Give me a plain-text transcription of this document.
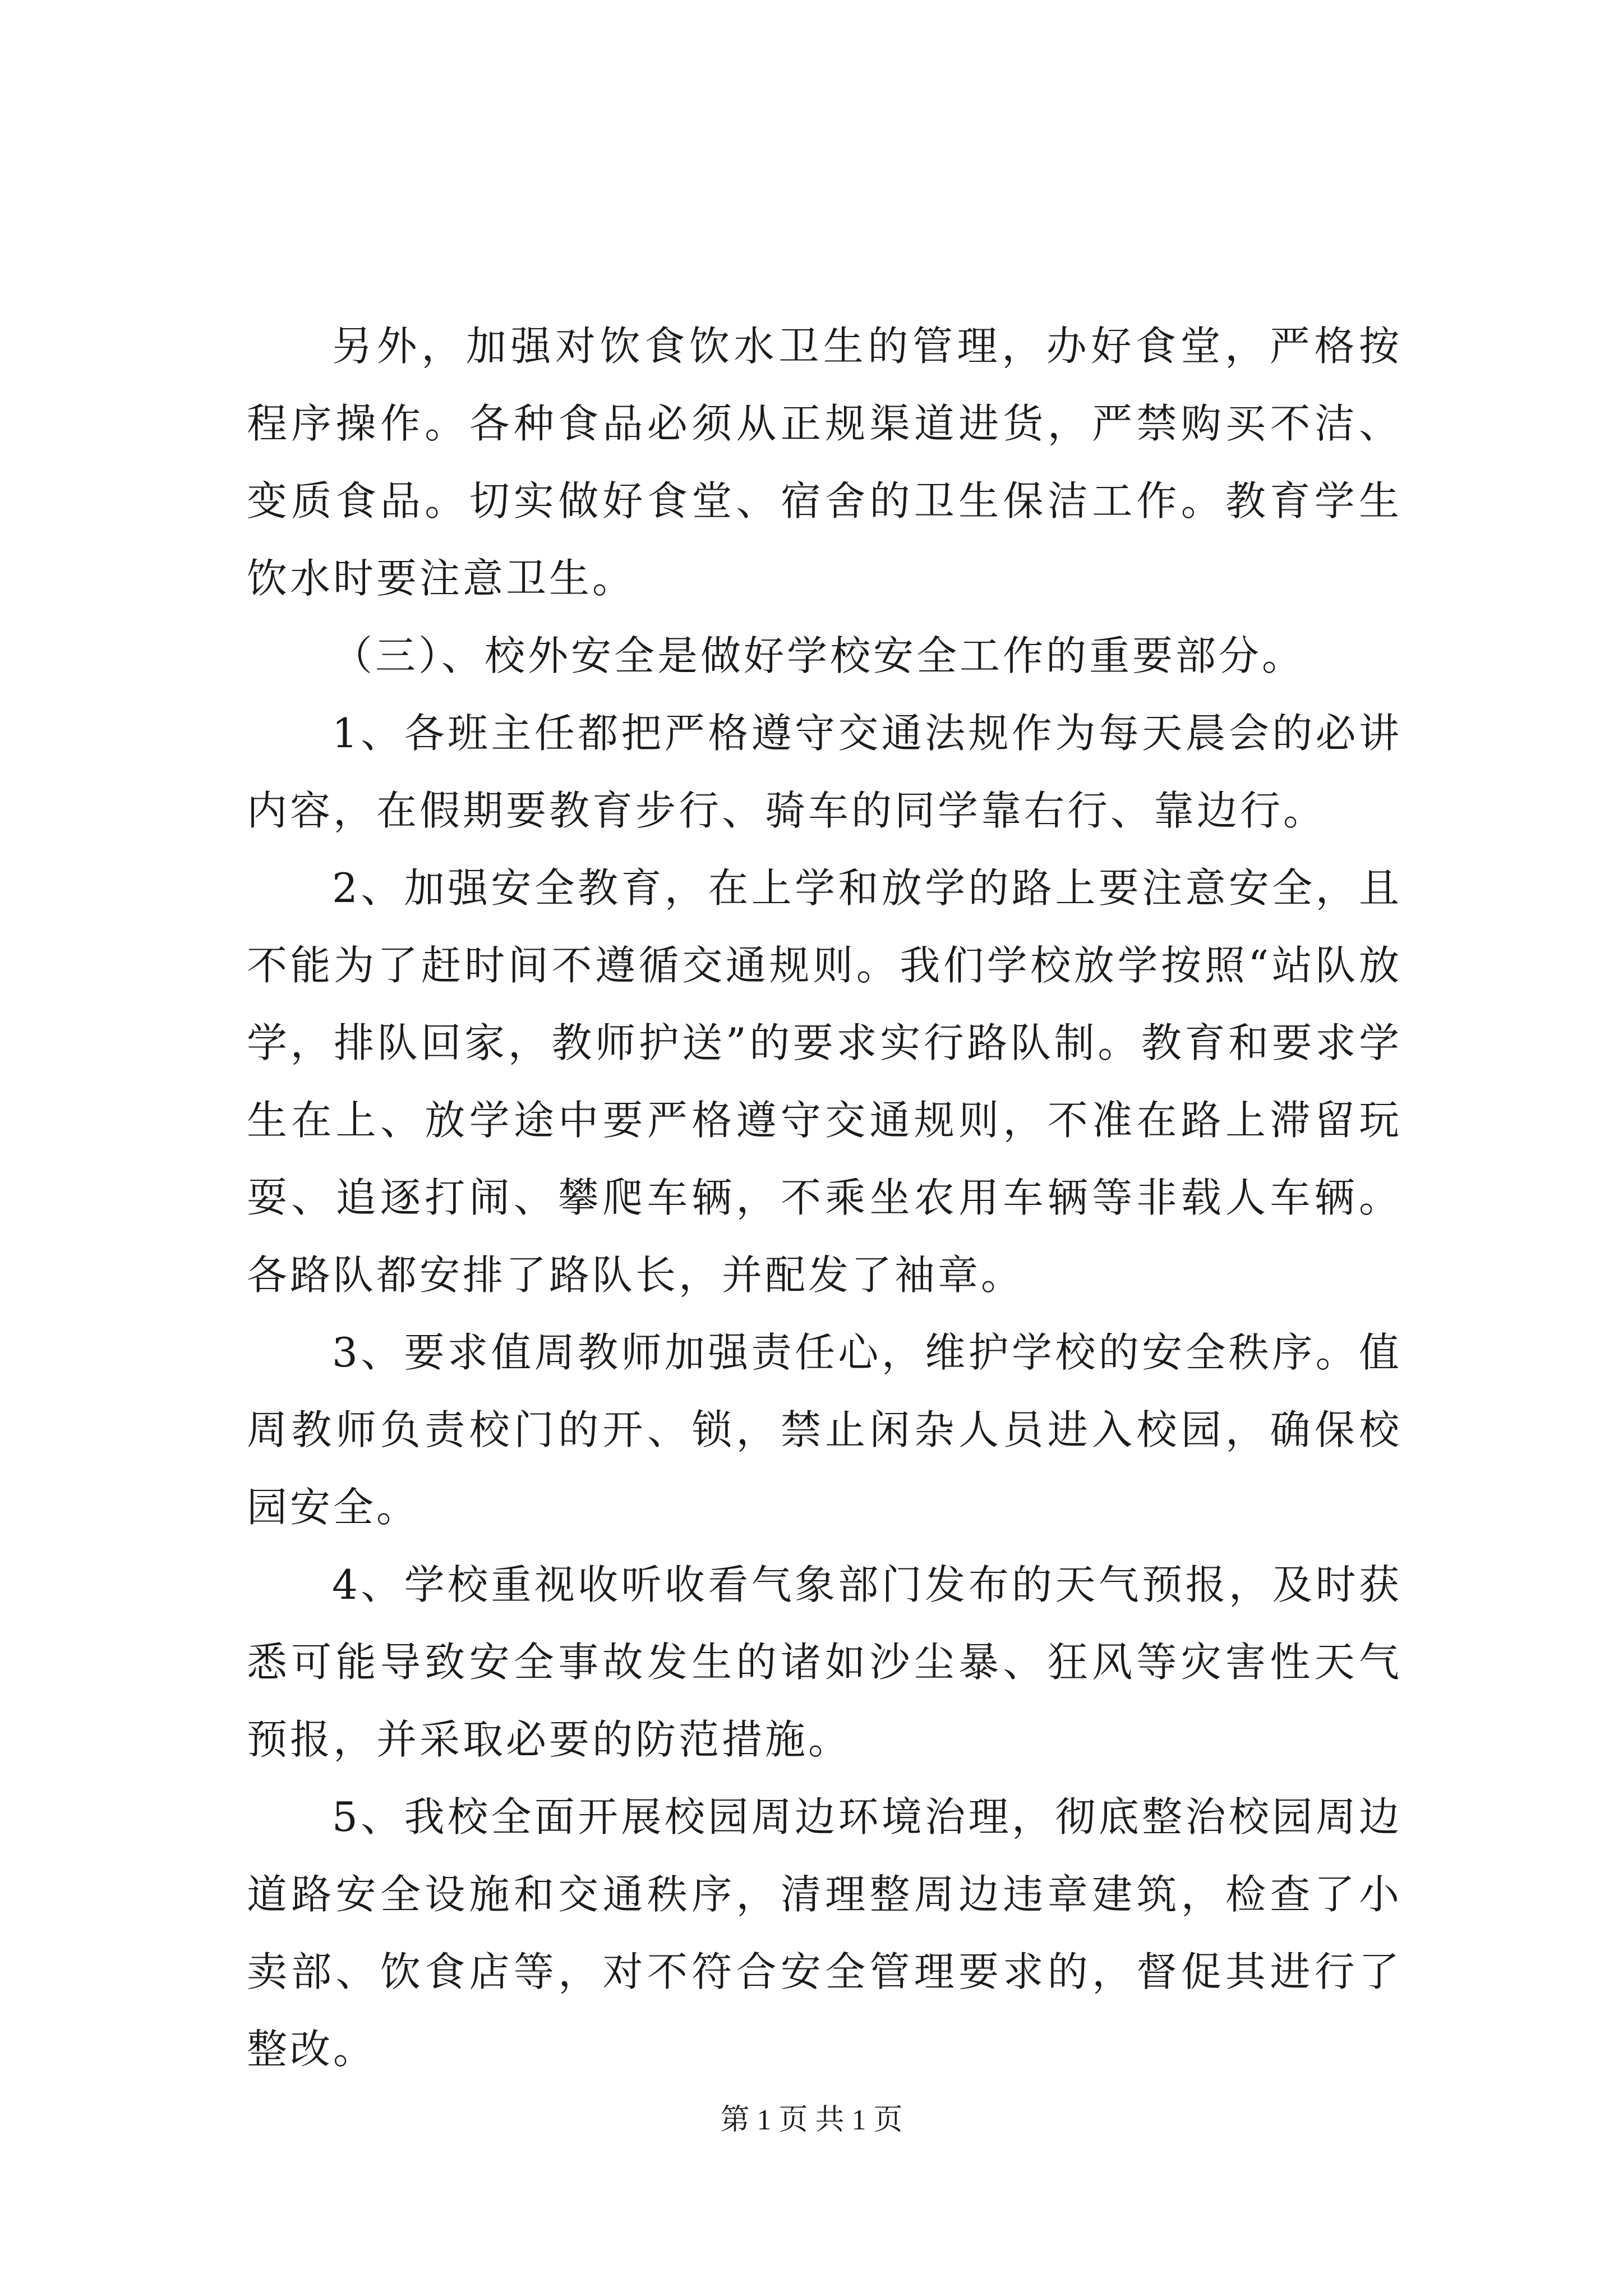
另外，加强对饮食饮水卫生的管理，办好食堂，严格按程序操作。各种食品必须从正规渠道进货，严禁购买不洁、变质食品。切实做好食堂、宿舍的卫生保洁工作。教育学生饮水时要注意卫生。

（三）、校外安全是做好学校安全工作的重要部分。

1、各班主任都把严格遵守交通法规作为每天晨会的必讲内容，在假期要教育步行、骑车的同学靠右行、靠边行。

2、加强安全教育，在上学和放学的路上要注意安全，且不能为了赶时间不遵循交通规则。我们学校放学按照“站队放学，排队回家，教师护送”的要求实行路队制。教育和要求学生在上、放学途中要严格遵守交通规则，不准在路上滞留玩耍、追逐打闹、攀爬车辆，不乘坐农用车辆等非载人车辆。各路队都安排了路队长，并配发了袖章。

3、要求值周教师加强责任心，维护学校的安全秩序。值周教师负责校门的开、锁，禁止闲杂人员进入校园，确保校园安全。

4、学校重视收听收看气象部门发布的天气预报，及时获悉可能导致安全事故发生的诸如沙尘暴、狂风等灾害性天气预报，并采取必要的防范措施。

5、我校全面开展校园周边环境治理，彻底整治校园周边道路安全设施和交通秩序，清理整周边违章建筑，检查了小卖部、饮食店等，对不符合安全管理要求的，督促其进行了整改。

第 1 页 共 1 页
